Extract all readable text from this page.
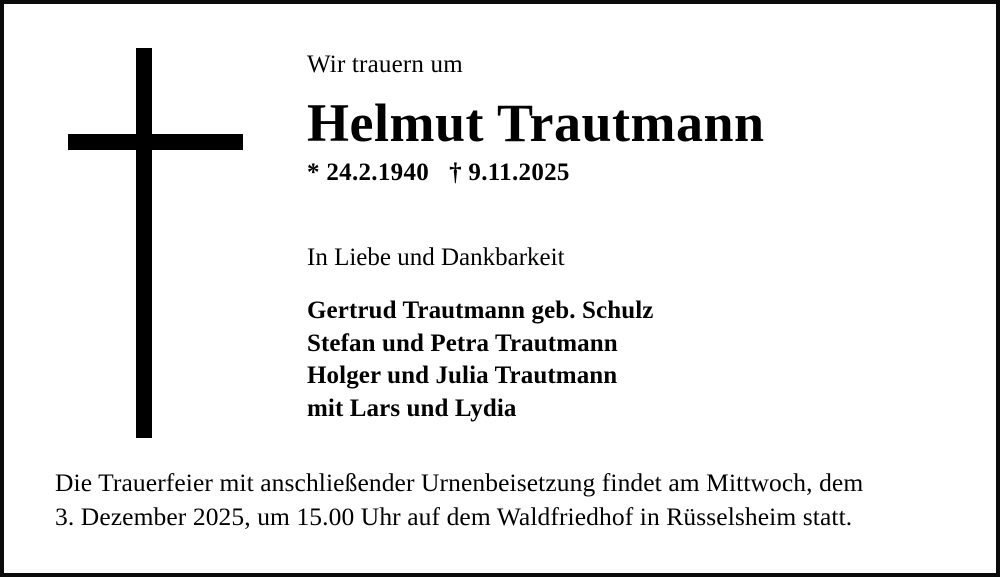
Wir trauern um

Helmut Trautmann

* 24.2.1940 † 9.11.2025

In Liebe und Dankbarkeit

Gertrud Trautmann geb. Schulz
Stefan und Petra Trautmann
Holger und Julia Trautmann
mit Lars und Lydia

Die Trauerfeier mit anschließender Urnenbeisetzung findet am Mittwoch, dem

3. Dezember 2025, um 15.00 Uhr auf dem Waldfriedhof in Rüsselsheim statt.
